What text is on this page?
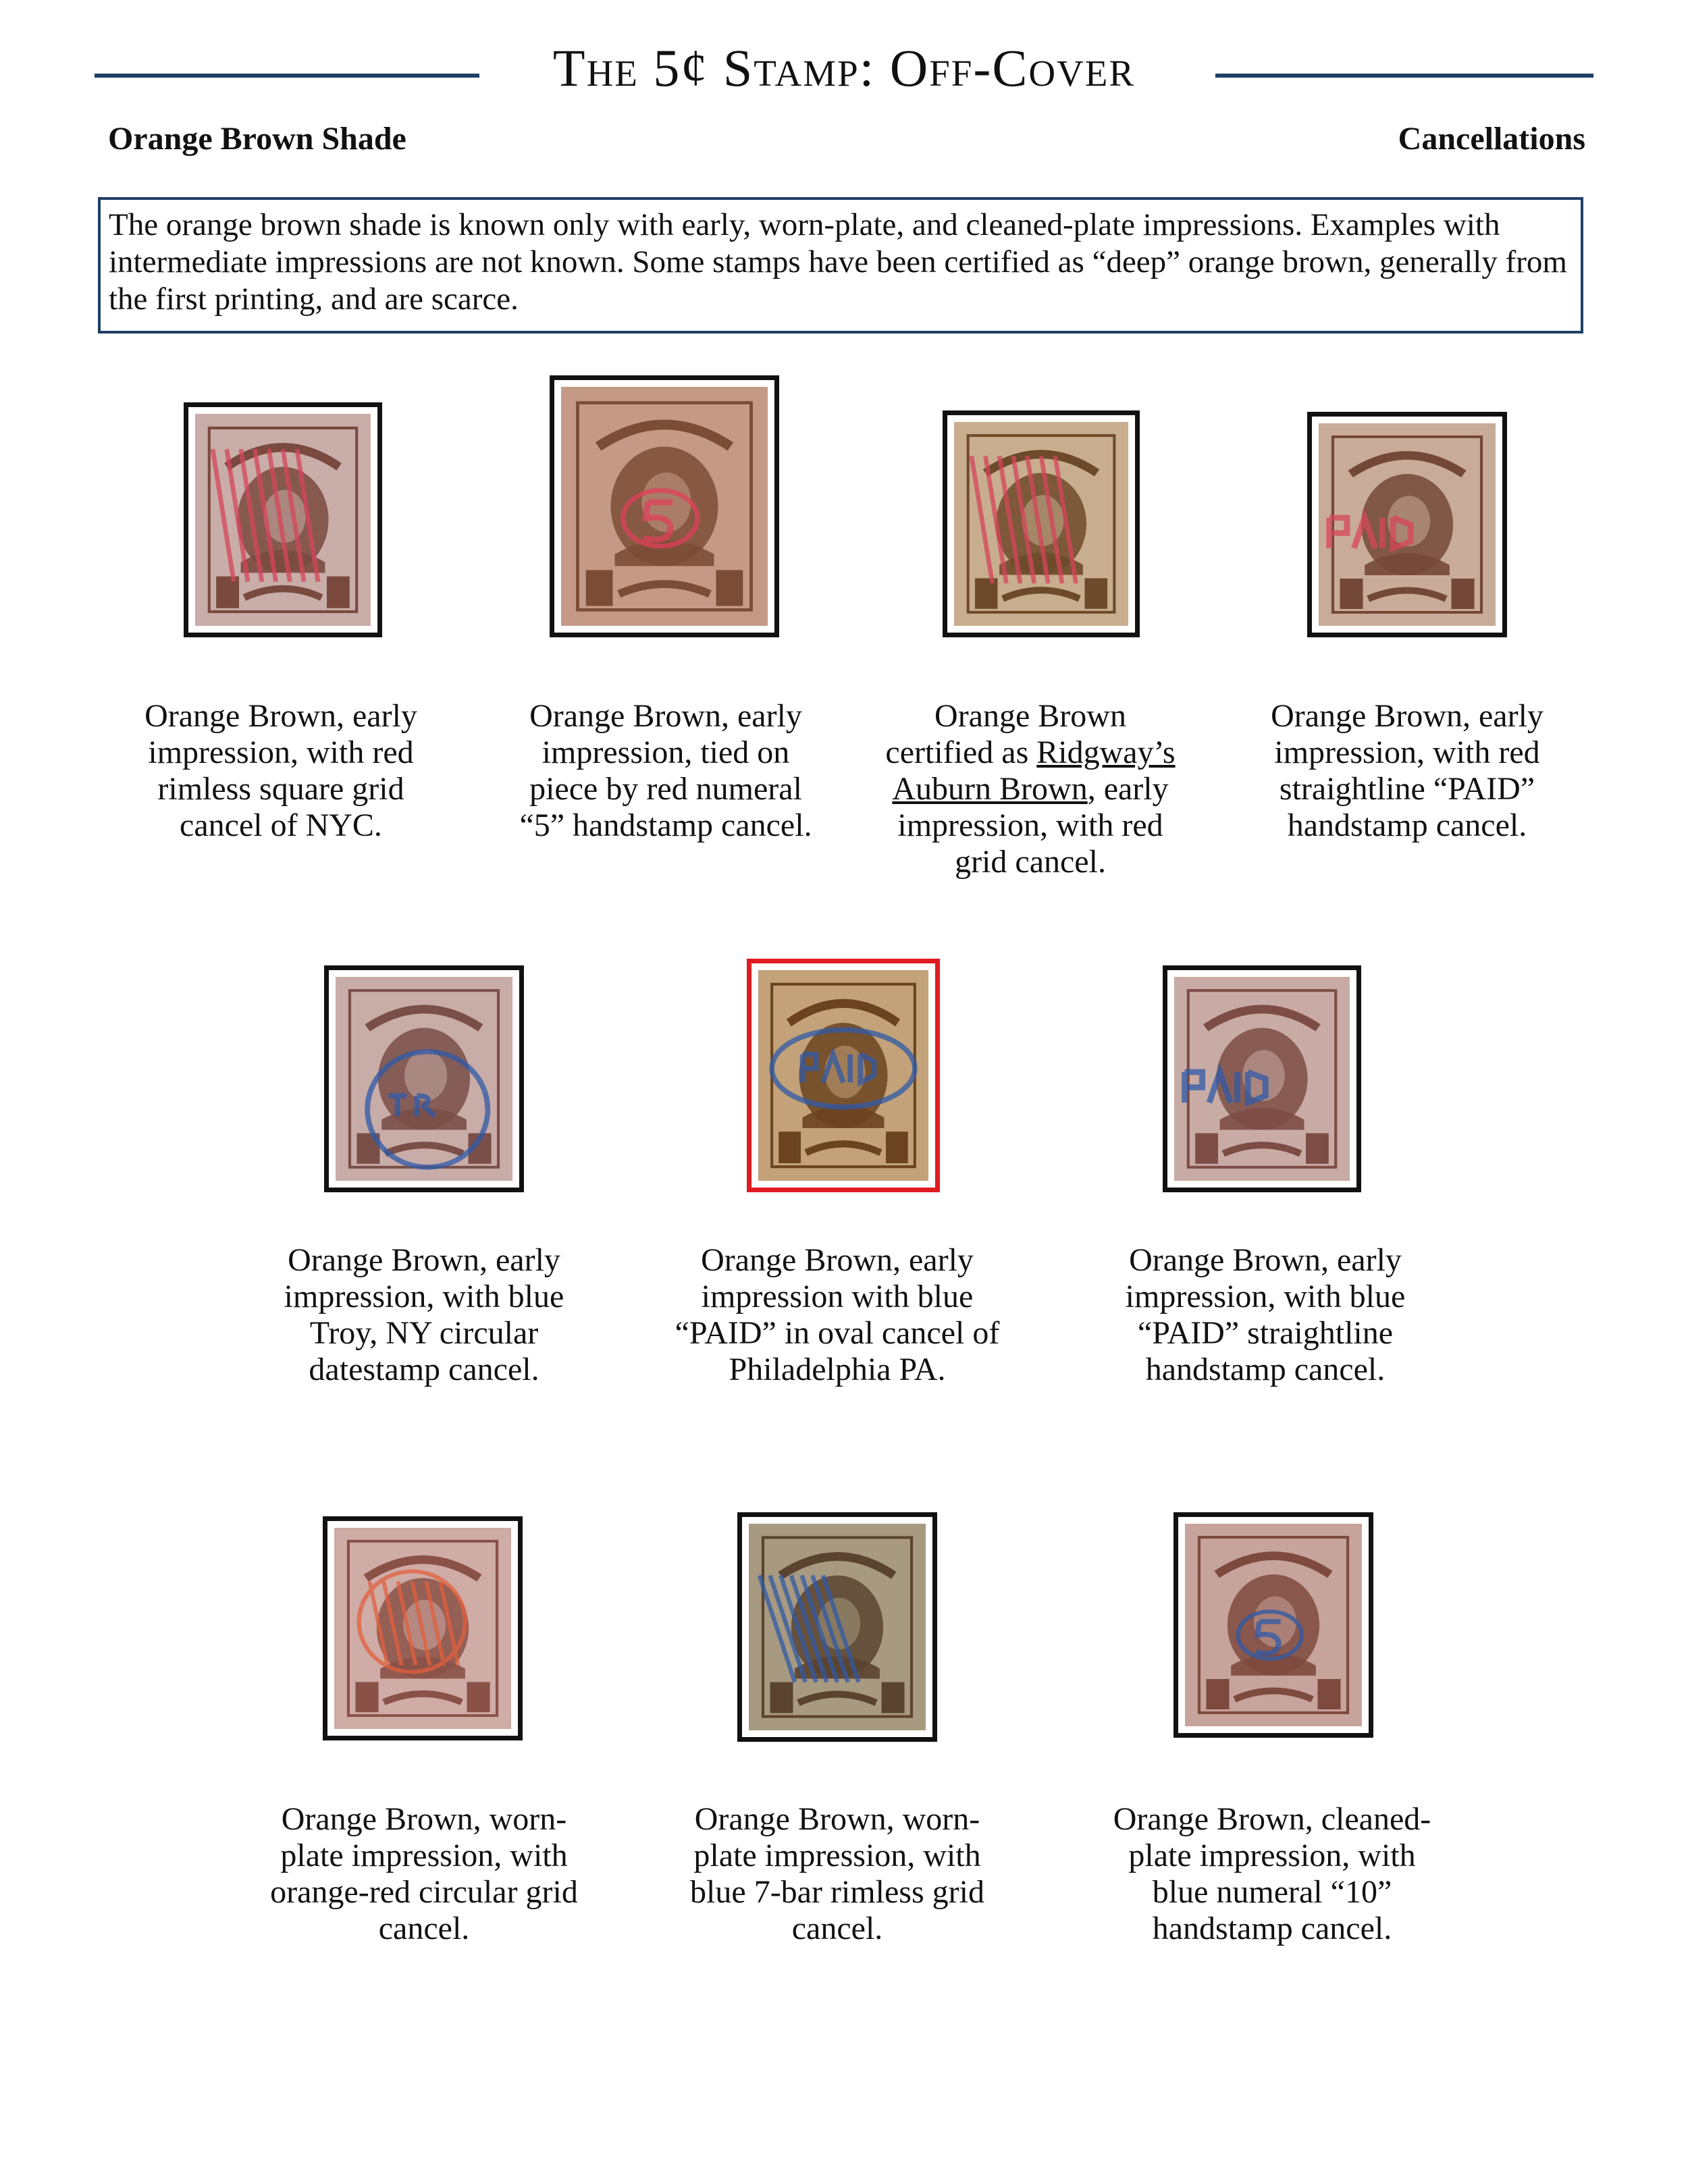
The 5¢ Stamp: Off-Cover
Orange Brown Shade	Cancellations
The orange brown shade is known only with early, worn-plate, and cleaned-plate impressions. Examples with intermediate impressions are not known. Some stamps have been certified as “deep” orange brown, generally from the first printing, and are scarce.
Orange Brown, early
impression, with red
rimless square grid
cancel of NYC.
Orange Brown, early
impression, tied on
piece by red numeral
“5” handstamp cancel.
Orange Brown
certified as Ridgway’s
Auburn Brown, early
impression, with red
grid cancel.
Orange Brown, early
impression, with red
straightline “PAID”
handstamp cancel.
Orange Brown, early
impression, with blue
Troy, NY circular
datestamp cancel.
Orange Brown, early
impression with blue
“PAID” in oval cancel of
Philadelphia PA.
Orange Brown, early
impression, with blue
“PAID” straightline
handstamp cancel.
Orange Brown, worn-
plate impression, with
orange-red circular grid
cancel.
Orange Brown, worn-
plate impression, with
blue 7-bar rimless grid
cancel.
Orange Brown, cleaned-
plate impression, with
blue numeral “10”
handstamp cancel.
